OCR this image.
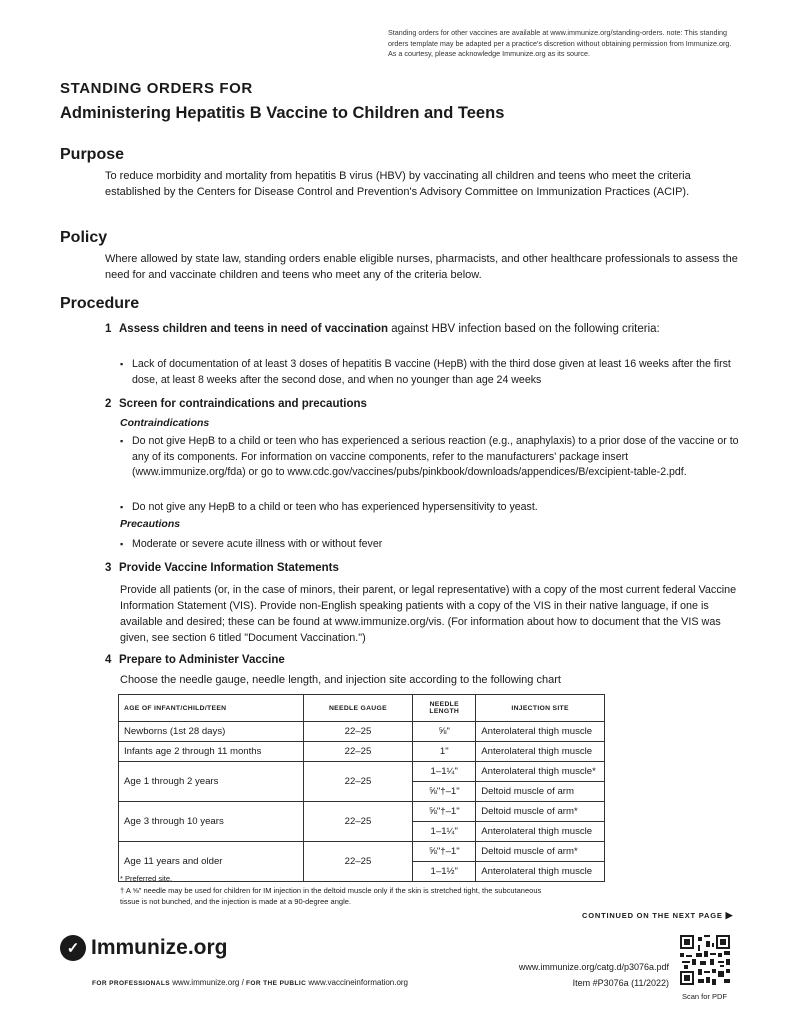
Standing orders for other vaccines are available at www.immunize.org/standing-orders. note: This standing orders template may be adapted per a practice's discretion without obtaining permission from Immunize.org. As a courtesy, please acknowledge Immunize.org as its source.
STANDING ORDERS FOR
Administering Hepatitis B Vaccine to Children and Teens
Purpose
To reduce morbidity and mortality from hepatitis B virus (HBV) by vaccinating all children and teens who meet the criteria established by the Centers for Disease Control and Prevention's Advisory Committee on Immunization Practices (ACIP).
Policy
Where allowed by state law, standing orders enable eligible nurses, pharmacists, and other healthcare professionals to assess the need for and vaccinate children and teens who meet any of the criteria below.
Procedure
1 Assess children and teens in need of vaccination against HBV infection based on the following criteria:
▪ Lack of documentation of at least 3 doses of hepatitis B vaccine (HepB) with the third dose given at least 16 weeks after the first dose, at least 8 weeks after the second dose, and when no younger than age 24 weeks
2 Screen for contraindications and precautions
Contraindications
▪ Do not give HepB to a child or teen who has experienced a serious reaction (e.g., anaphylaxis) to a prior dose of the vaccine or to any of its components. For information on vaccine components, refer to the manufacturers' package insert (www.immunize.org/fda) or go to www.cdc.gov/vaccines/pubs/pinkbook/downloads/appendices/B/excipient-table-2.pdf.
▪ Do not give any HepB to a child or teen who has experienced hypersensitivity to yeast.
Precautions
▪ Moderate or severe acute illness with or without fever
3 Provide Vaccine Information Statements
Provide all patients (or, in the case of minors, their parent, or legal representative) with a copy of the most current federal Vaccine Information Statement (VIS). Provide non-English speaking patients with a copy of the VIS in their native language, if one is available and desired; these can be found at www.immunize.org/vis. (For information about how to document that the VIS was given, see section 6 titled "Document Vaccination.")
4 Prepare to Administer Vaccine
Choose the needle gauge, needle length, and injection site according to the following chart
AGE OF INFANT/CHILD/TEEN	NEEDLE GAUGE	NEEDLE LENGTH	INJECTION SITE
Newborns (1st 28 days)	22–25	⅝"	Anterolateral thigh muscle
Infants age 2 through 11 months	22–25	1"	Anterolateral thigh muscle
Age 1 through 2 years	22–25	1–1¼"	Anterolateral thigh muscle*
		⅝"†–1"	Deltoid muscle of arm
Age 3 through 10 years	22–25	⅝"†–1"	Deltoid muscle of arm*
		1–1¼"	Anterolateral thigh muscle
Age 11 years and older	22–25	⅝"†–1"	Deltoid muscle of arm*
		1–1½"	Anterolateral thigh muscle
* Preferred site.
† A ⅝" needle may be used for children for IM injection in the deltoid muscle only if the skin is stretched tight, the subcutaneous tissue is not bunched, and the injection is made at a 90-degree angle.
CONTINUED ON THE NEXT PAGE ▶
✓ Immunize.org
FOR PROFESSIONALS www.immunize.org / FOR THE PUBLIC www.vaccineinformation.org
www.immunize.org/catg.d/p3076a.pdf
Item #P3076a (11/2022)
Scan for PDF
